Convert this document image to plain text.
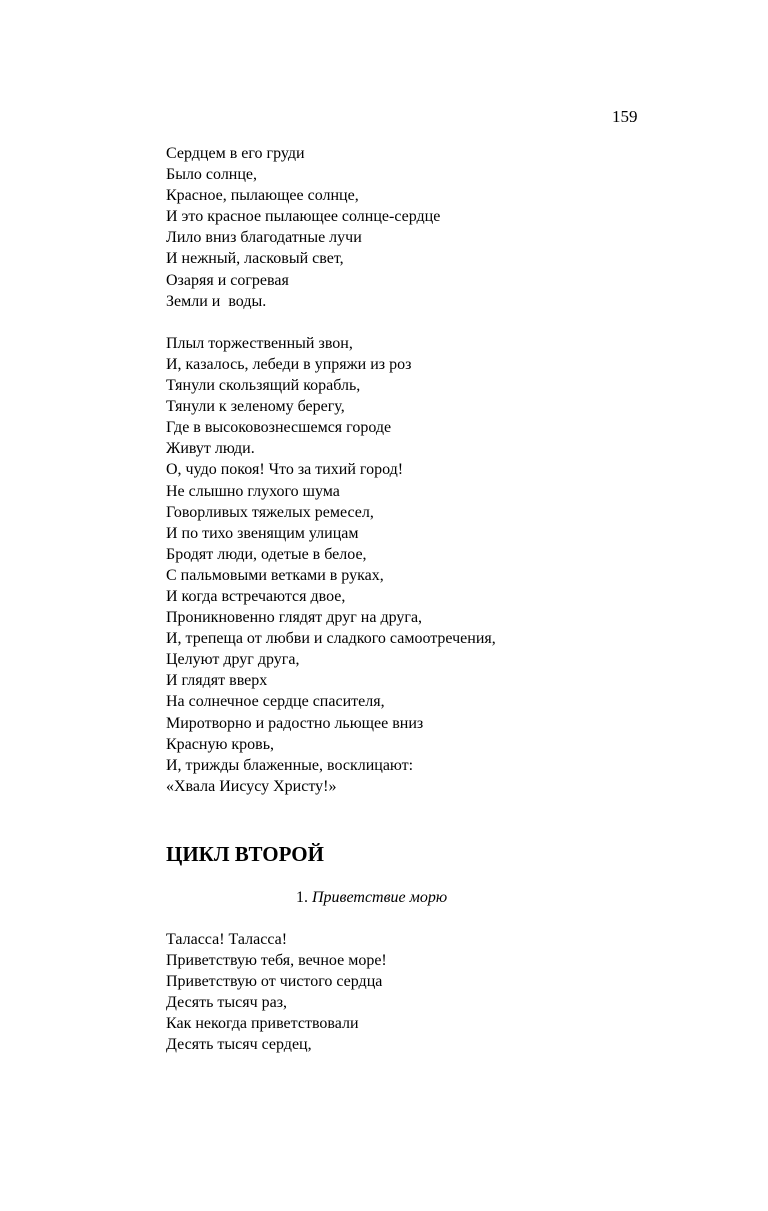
159
Сердцем в его груди
Было солнце,
Красное, пылающее солнце,
И это красное пылающее солнце-сердце
Лило вниз благодатные лучи
И нежный, ласковый свет,
Озаряя и согревая
Земли и  воды.
Плыл торжественный звон,
И, казалось, лебеди в упряжи из роз
Тянули скользящий корабль,
Тянули к зеленому берегу,
Где в высоковознесшемся городе
Живут люди.
О, чудо покоя! Что за тихий город!
Не слышно глухого шума
Говорливых тяжелых ремесел,
И по тихо звенящим улицам
Бродят люди, одетые в белое,
С пальмовыми ветками в руках,
И когда встречаются двое,
Проникновенно глядят друг на друга,
И, трепеща от любви и сладкого самоотречения,
Целуют друг друга,
И глядят вверх
На солнечное сердце спасителя,
Миротворно и радостно льющее вниз
Красную кровь,
И, трижды блаженные, восклицают:
«Хвала Иисусу Христу!»
ЦИКЛ ВТОРОЙ
1. Приветствие морю
Таласса! Таласса!
Приветствую тебя, вечное море!
Приветствую от чистого сердца
Десять тысяч раз,
Как некогда приветствовали
Десять тысяч сердец,
